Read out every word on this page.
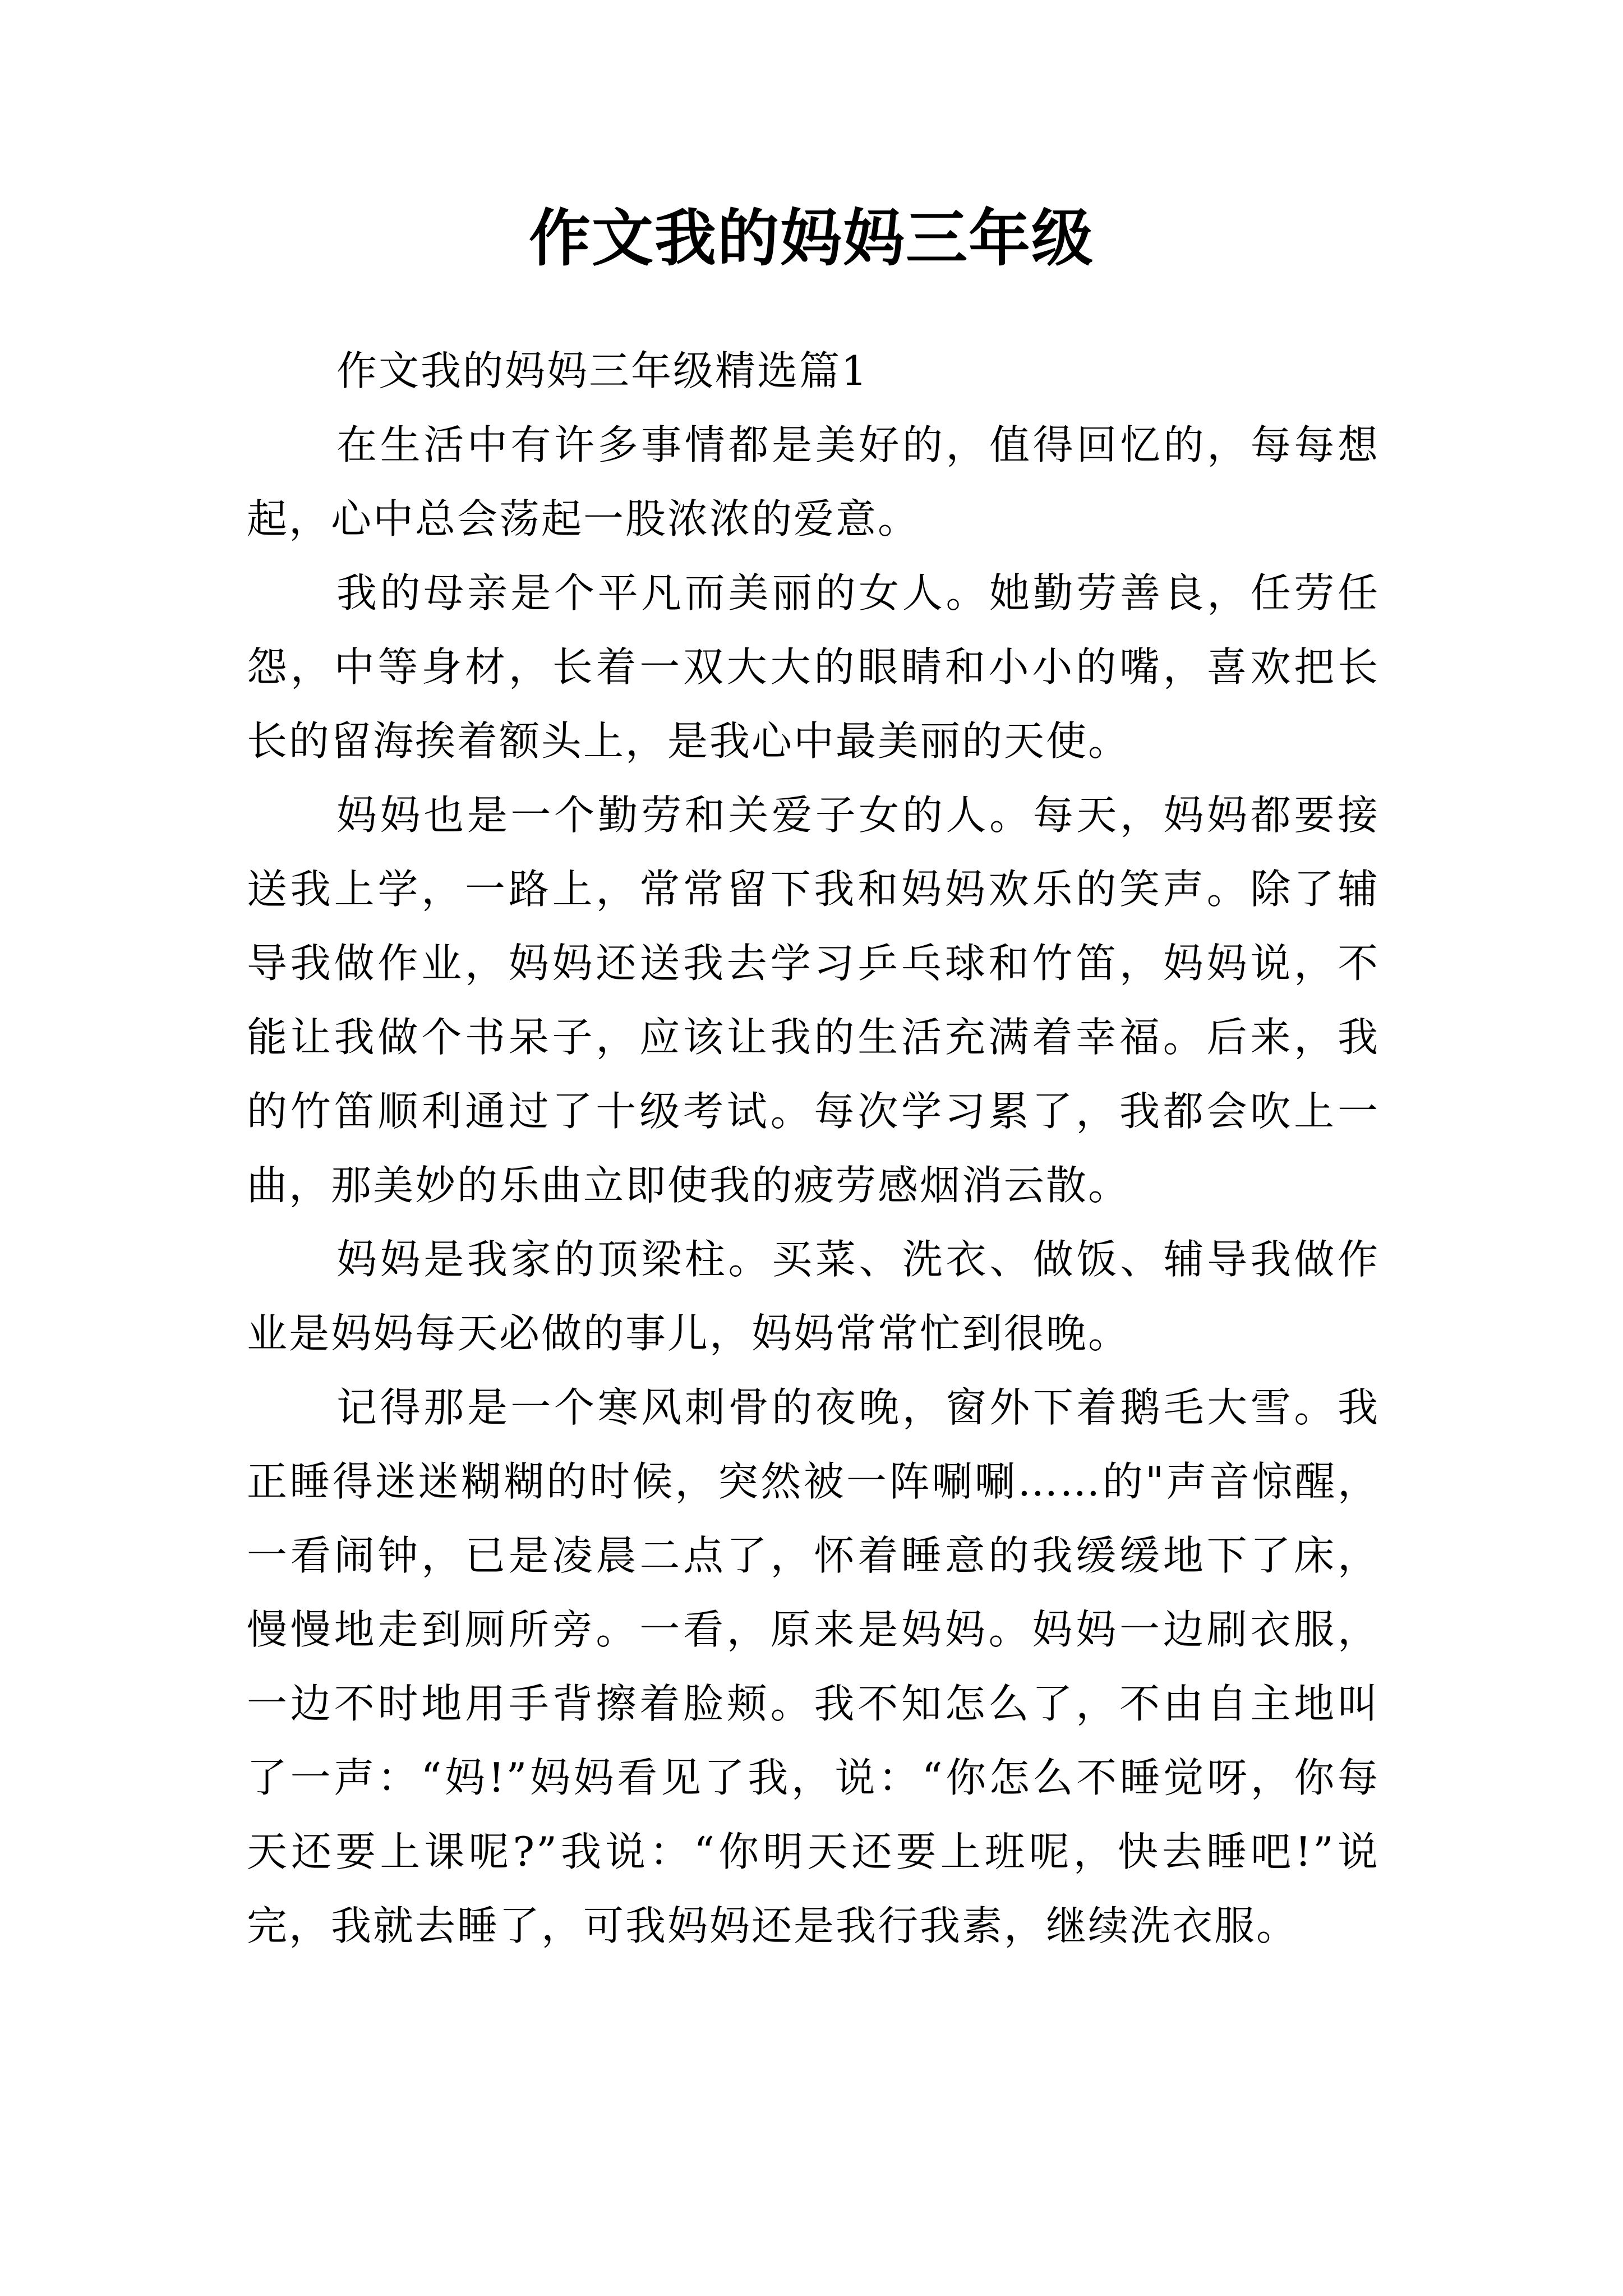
作文我的妈妈三年级

作文我的妈妈三年级精选篇1

在生活中有许多事情都是美好的，值得回忆的，每每想起，心中总会荡起一股浓浓的爱意。

我的母亲是个平凡而美丽的女人。她勤劳善良，任劳任怨，中等身材，长着一双大大的眼睛和小小的嘴，喜欢把长长的留海挨着额头上，是我心中最美丽的天使。

妈妈也是一个勤劳和关爱子女的人。每天，妈妈都要接送我上学，一路上，常常留下我和妈妈欢乐的笑声。除了辅导我做作业，妈妈还送我去学习乒乓球和竹笛，妈妈说，不能让我做个书呆子，应该让我的生活充满着幸福。后来，我的竹笛顺利通过了十级考试。每次学习累了，我都会吹上一曲，那美妙的乐曲立即使我的疲劳感烟消云散。

妈妈是我家的顶梁柱。买菜、洗衣、做饭、辅导我做作业是妈妈每天必做的事儿，妈妈常常忙到很晚。

记得那是一个寒风刺骨的夜晚，窗外下着鹅毛大雪。我正睡得迷迷糊糊的时候，突然被一阵唰唰……的"声音惊醒，一看闹钟，已是凌晨二点了，怀着睡意的我缓缓地下了床，慢慢地走到厕所旁。一看，原来是妈妈。妈妈一边刷衣服，一边不时地用手背擦着脸颊。我不知怎么了，不由自主地叫了一声：“妈!”妈妈看见了我，说：“你怎么不睡觉呀，你每天还要上课呢?”我说：“你明天还要上班呢，快去睡吧!”说完，我就去睡了，可我妈妈还是我行我素，继续洗衣服。
